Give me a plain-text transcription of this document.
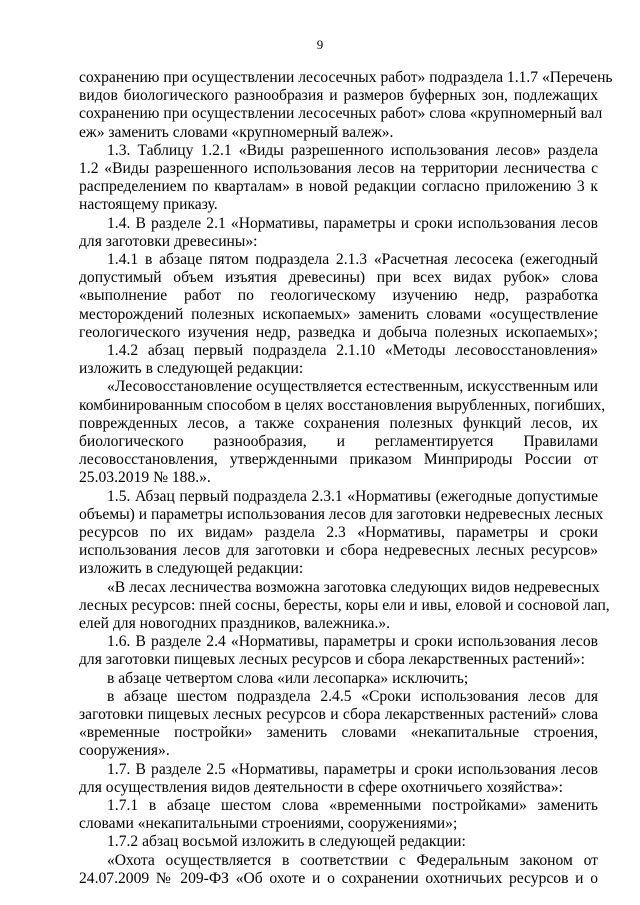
9
сохранению при осуществлении лесосечных работ» подраздела 1.1.7 «Перечень
видов биологического разнообразия и размеров буферных зон, подлежащих
сохранению при осуществлении лесосечных работ» слова «крупномерный вал
еж» заменить словами «крупномерный валеж».
1.3. Таблицу 1.2.1 «Виды разрешенного использования лесов» раздела
1.2 «Виды разрешенного использования лесов на территории лесничества с
распределением по кварталам» в новой редакции согласно приложению 3 к
настоящему приказу.
1.4. В разделе 2.1 «Нормативы, параметры и сроки использования лесов
для заготовки древесины»:
1.4.1 в абзаце пятом подраздела 2.1.3 «Расчетная лесосека (ежегодный
допустимый объем изъятия древесины) при всех видах рубок» слова
«выполнение работ по геологическому изучению недр, разработка
месторождений полезных ископаемых» заменить словами «осуществление
геологического изучения недр, разведка и добыча полезных ископаемых»;
1.4.2 абзац первый подраздела 2.1.10 «Методы лесовосстановления»
изложить в следующей редакции:
«Лесовосстановление осуществляется естественным, искусственным или
комбинированным способом в целях восстановления вырубленных, погибших,
поврежденных лесов, а также сохранения полезных функций лесов, их
биологического разнообразия, и регламентируется Правилами
лесовосстановления, утвержденными приказом Минприроды России от
25.03.2019 № 188.».
1.5. Абзац первый подраздела 2.3.1 «Нормативы (ежегодные допустимые
объемы) и параметры использования лесов для заготовки недревесных лесных
ресурсов по их видам» раздела 2.3 «Нормативы, параметры и сроки
использования лесов для заготовки и сбора недревесных лесных ресурсов»
изложить в следующей редакции:
«В лесах лесничества возможна заготовка следующих видов недревесных
лесных ресурсов: пней сосны, бересты, коры ели и ивы, еловой и сосновой лап,
елей для новогодних праздников, валежника.».
1.6. В разделе 2.4 «Нормативы, параметры и сроки использования лесов
для заготовки пищевых лесных ресурсов и сбора лекарственных растений»:
в абзаце четвертом слова «или лесопарка» исключить;
в абзаце шестом подраздела 2.4.5 «Сроки использования лесов для
заготовки пищевых лесных ресурсов и сбора лекарственных растений» слова
«временные постройки» заменить словами «некапитальные строения,
сооружения».
1.7. В разделе 2.5 «Нормативы, параметры и сроки использования лесов
для осуществления видов деятельности в сфере охотничьего хозяйства»:
1.7.1 в абзаце шестом слова «временными постройками» заменить
словами «некапитальными строениями, сооружениями»;
1.7.2 абзац восьмой изложить в следующей редакции:
«Охота осуществляется в соответствии с Федеральным законом от
24.07.2009 № 209-ФЗ «Об охоте и о сохранении охотничьих ресурсов и о
